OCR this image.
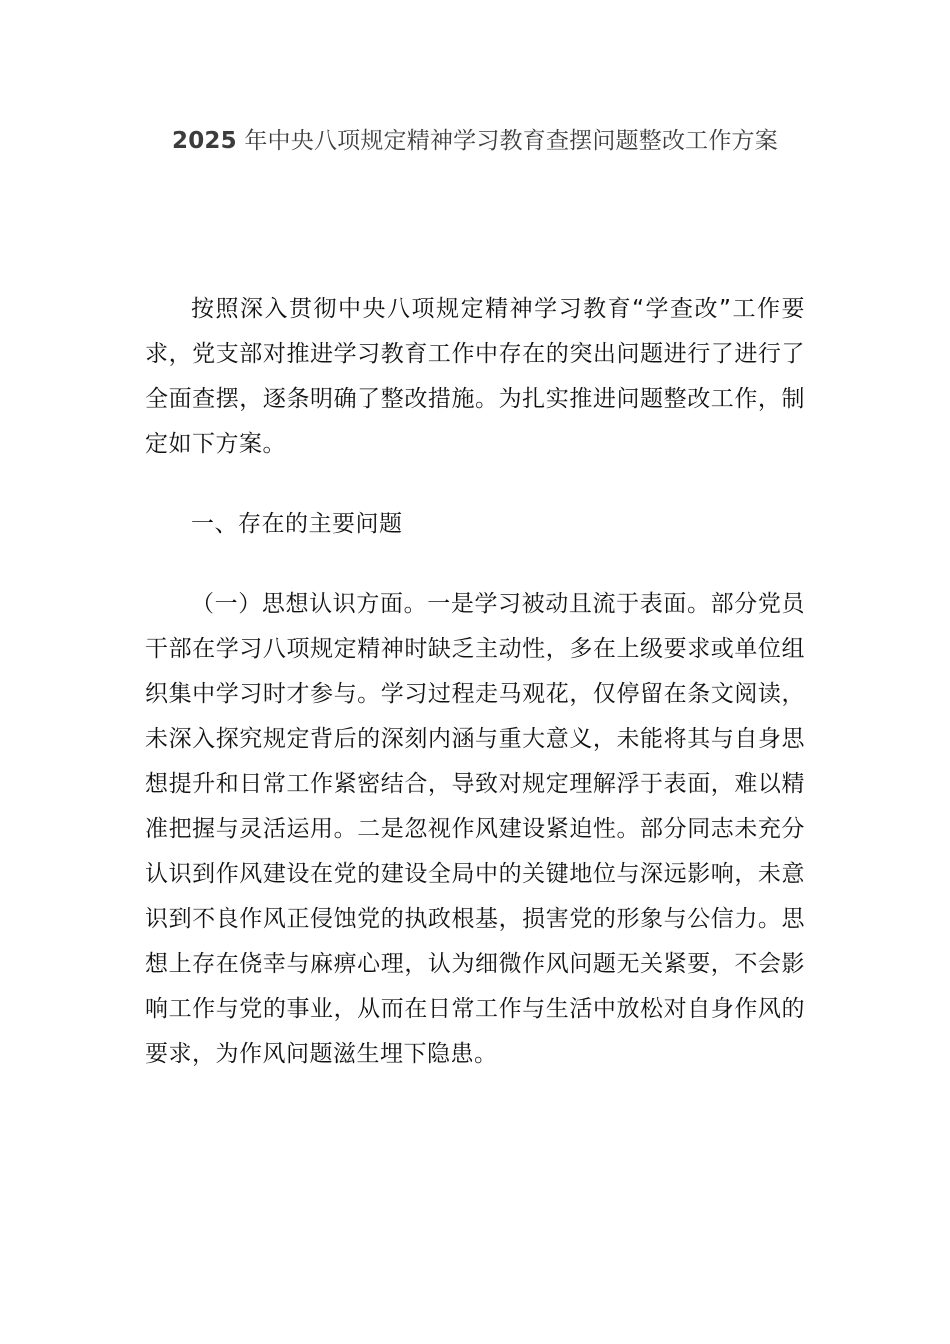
2025 年中央八项规定精神学习教育查摆问题整改工作方案

按照深入贯彻中央八项规定精神学习教育“学查改”工作要求，党支部对推进学习教育工作中存在的突出问题进行了进行了全面查摆，逐条明确了整改措施。为扎实推进问题整改工作，制定如下方案。

一、存在的主要问题

（一）思想认识方面。一是学习被动且流于表面。部分党员干部在学习八项规定精神时缺乏主动性，多在上级要求或单位组织集中学习时才参与。学习过程走马观花，仅停留在条文阅读，未深入探究规定背后的深刻内涵与重大意义，未能将其与自身思想提升和日常工作紧密结合，导致对规定理解浮于表面，难以精准把握与灵活运用。二是忽视作风建设紧迫性。部分同志未充分认识到作风建设在党的建设全局中的关键地位与深远影响，未意识到不良作风正侵蚀党的执政根基，损害党的形象与公信力。思想上存在侥幸与麻痹心理，认为细微作风问题无关紧要，不会影响工作与党的事业，从而在日常工作与生活中放松对自身作风的要求，为作风问题滋生埋下隐患。
